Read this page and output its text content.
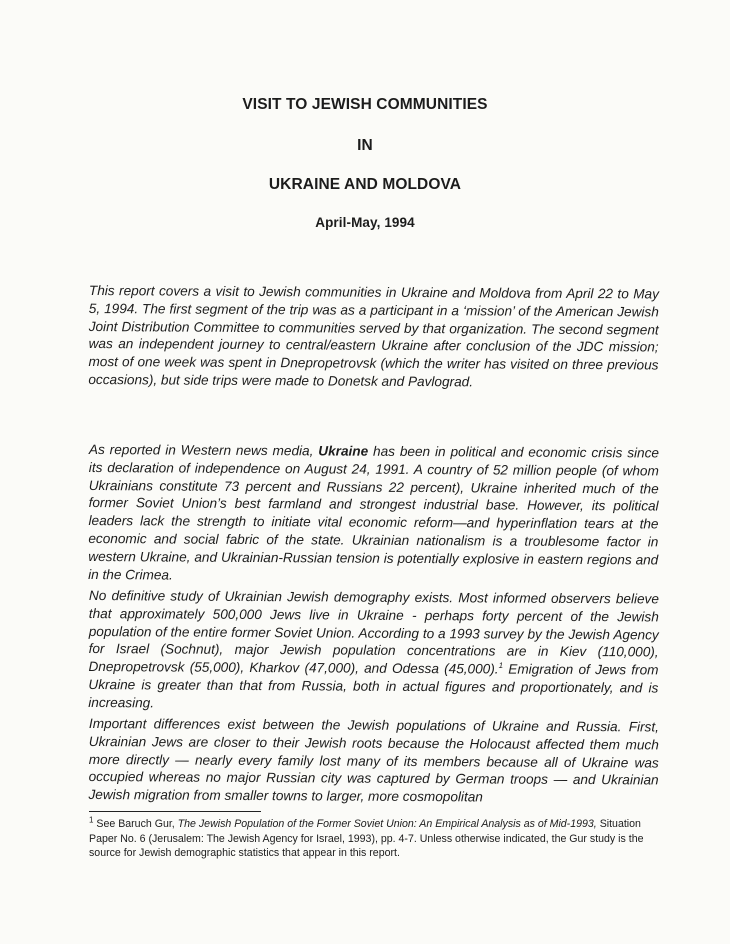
VISIT TO JEWISH COMMUNITIES
IN
UKRAINE AND MOLDOVA
April-May, 1994

This report covers a visit to Jewish communities in Ukraine and Moldova from April 22 to May 5, 1994. The first segment of the trip was as a participant in a ‘mission’ of the American Jewish Joint Distribution Committee to communities served by that organization. The second segment was an independent journey to central/eastern Ukraine after conclusion of the JDC mission; most of one week was spent in Dnepropetrovsk (which the writer has visited on three previous occasions), but side trips were made to Donetsk and Pavlograd.

As reported in Western news media, Ukraine has been in political and economic crisis since its declaration of independence on August 24, 1991. A country of 52 million people (of whom Ukrainians constitute 73 percent and Russians 22 percent), Ukraine inherited much of the former Soviet Union’s best farmland and strongest industrial base. However, its political leaders lack the strength to initiate vital economic reform—and hyperinflation tears at the economic and social fabric of the state. Ukrainian nationalism is a troublesome factor in western Ukraine, and Ukrainian-Russian tension is potentially explosive in eastern regions and in the Crimea.

No definitive study of Ukrainian Jewish demography exists. Most informed observers believe that approximately 500,000 Jews live in Ukraine - perhaps forty percent of the Jewish population of the entire former Soviet Union. According to a 1993 survey by the Jewish Agency for Israel (Sochnut), major Jewish population concentrations are in Kiev (110,000), Dnepropetrovsk (55,000), Kharkov (47,000), and Odessa (45,000).$^1$ Emigration of Jews from Ukraine is greater than that from Russia, both in actual figures and proportionately, and is increasing.

Important differences exist between the Jewish populations of Ukraine and Russia. First, Ukrainian Jews are closer to their Jewish roots because the Holocaust affected them much more directly — nearly every family lost many of its members because all of Ukraine was occupied whereas no major Russian city was captured by German troops — and Ukrainian Jewish migration from smaller towns to larger, more cosmopolitan

$^1$ See Baruch Gur, The Jewish Population of the Former Soviet Union: An Empirical Analysis as of Mid-1993, Situation Paper No. 6 (Jerusalem: The Jewish Agency for Israel, 1993), pp. 4-7. Unless otherwise indicated, the Gur study is the source for Jewish demographic statistics that appear in this report.
